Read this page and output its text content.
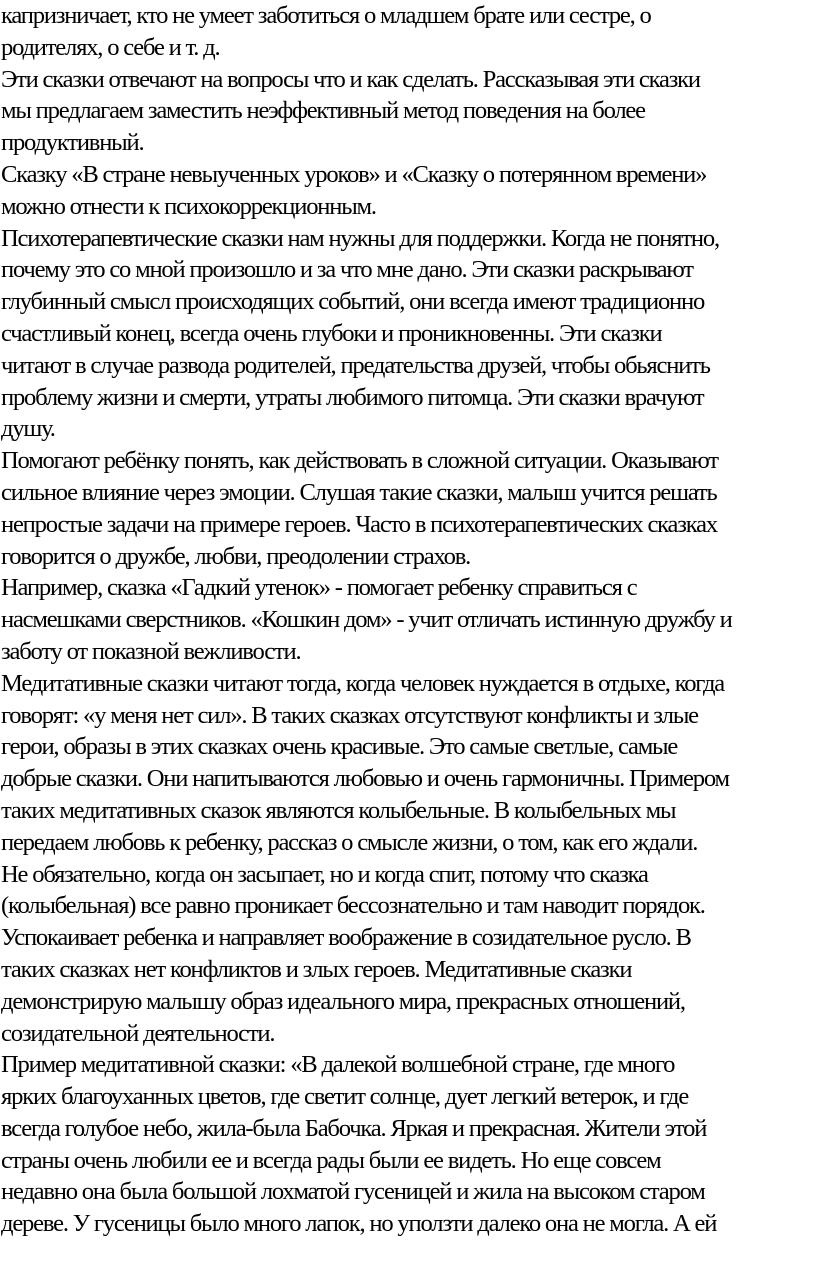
капризничает, кто не умеет заботиться о младшем брате или сестре, о
родителях, о себе и т. д.
Эти сказки отвечают на вопросы что и как сделать. Рассказывая эти сказки
мы предлагаем заместить неэффективный метод поведения на более
продуктивный.
Сказку «В стране невыученных уроков» и «Сказку о потерянном времени»
можно отнести к психокоррекционным.
Психотерапевтические сказки нам нужны для поддержки. Когда не понятно,
почему это со мной произошло и за что мне дано. Эти сказки раскрывают
глубинный смысл происходящих событий, они всегда имеют традиционно
счастливый конец, всегда очень глубоки и проникновенны. Эти сказки
читают в случае развода родителей, предательства друзей, чтобы обьяснить
проблему жизни и смерти, утраты любимого питомца. Эти сказки врачуют
душу.
Помогают ребёнку понять, как действовать в сложной ситуации. Оказывают
сильное влияние через эмоции. Слушая такие сказки, малыш учится решать
непростые задачи на примере героев. Часто в психотерапевтических сказках
говорится о дружбе, любви, преодолении страхов.
Например, сказка «Гадкий утенок» - помогает ребенку справиться с
насмешками сверстников. «Кошкин дом» - учит отличать истинную дружбу и
заботу от показной вежливости.
Медитативные сказки читают тогда, когда человек нуждается в отдыхе, когда
говорят: «у меня нет сил». В таких сказках отсутствуют конфликты и злые
герои, образы в этих сказках очень красивые. Это самые светлые, самые
добрые сказки. Они напитываются любовью и очень гармоничны. Примером
таких медитативных сказок являются колыбельные. В колыбельных мы
передаем любовь к ребенку, рассказ о смысле жизни, о том, как его ждали.
Не обязательно, когда он засыпает, но и когда спит, потому что сказка
(колыбельная) все равно проникает бессознательно и там наводит порядок.
Успокаивает ребенка и направляет воображение в созидательное русло. В
таких сказках нет конфликтов и злых героев. Медитативные сказки
демонстрирую малышу образ идеального мира, прекрасных отношений,
созидательной деятельности.
Пример медитативной сказки: «В далекой волшебной стране, где много
ярких благоуханных цветов, где светит солнце, дует легкий ветерок, и где
всегда голубое небо, жила-была Бабочка. Яркая и прекрасная. Жители этой
страны очень любили ее и всегда рады были ее видеть. Но еще совсем
недавно она была большой лохматой гусеницей и жила на высоком старом
дереве. У гусеницы было много лапок, но уползти далеко она не могла. А ей
